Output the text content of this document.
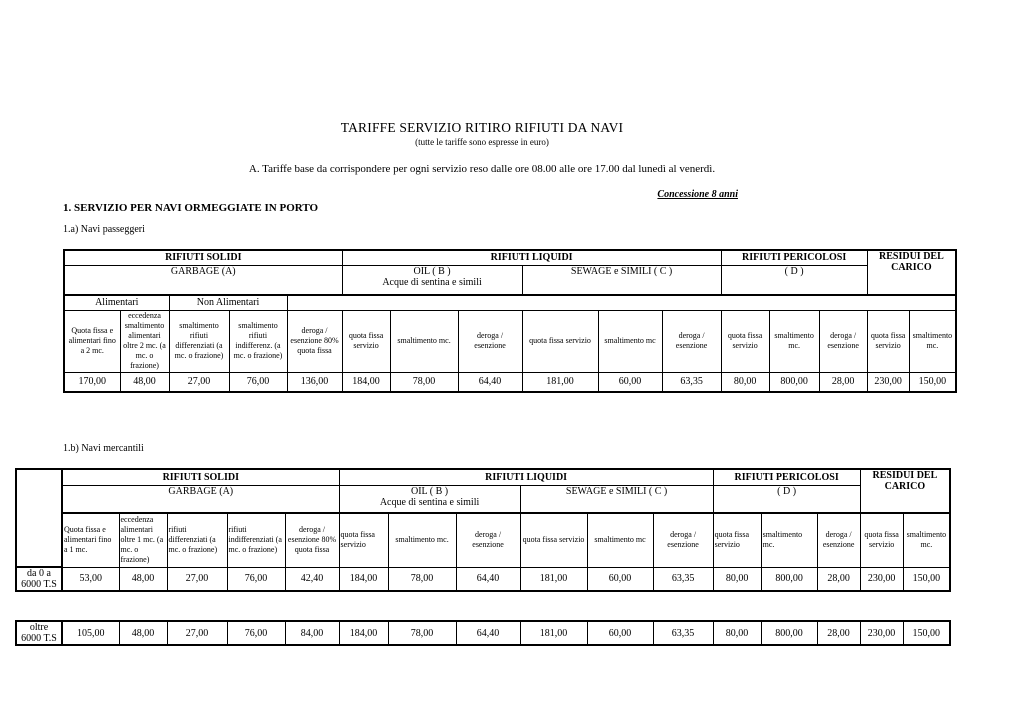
TARIFFE SERVIZIO RITIRO RIFIUTI DA NAVI
(tutte le tariffe sono espresse in euro)
A. Tariffe base da corrispondere per ogni servizio reso dalle ore 08.00 alle ore 17.00 dal lunedì al venerdì.
Concessione 8 anni
1. SERVIZIO PER NAVI ORMEGGIATE IN PORTO
1.a) Navi passeggeri
1.b) Navi mercantili
RIFIUTI SOLIDI					RIFIUTI LIQUIDI						RIFIUTI PERICOLOSI			RESIDUI DEL CARICO	
GARBAGE (A)					OIL ( B )
Acque di sentina e simili			SEWAGE e SIMILI ( C )			( D )				
Alimentari		Non Alimentari													
Quota fissa e alimentari fino a 2 mc.	eccedenza smaltimento alimentari oltre 2 mc. (a mc. o frazione)	smaltimento rifiuti differenziati (a mc. o frazione)	smaltimento rifiuti indifferenz. (a mc. o frazione)	deroga / esenzione 80% quota fissa	quota fissa servizio	smaltimento mc.	deroga / esenzione	quota fissa servizio	smaltimento mc	deroga / esenzione	quota fissa servizio	smaltimento mc.	deroga / esenzione	quota fissa servizio	smaltimento mc.
170,00	48,00	27,00	76,00	136,00	184,00	78,00	64,40	181,00	60,00	63,35	80,00	800,00	28,00	230,00	150,00
	RIFIUTI SOLIDI					RIFIUTI LIQUIDI						RIFIUTI PERICOLOSI			RESIDUI DEL CARICO	
	GARBAGE (A)					OIL ( B )
Acque di sentina e simili			SEWAGE e SIMILI ( C )			( D )				
	Quota fissa e alimentari fino a 1 mc.	eccedenza alimentari oltre 1 mc. (a mc. o frazione)	rifiuti differenziati (a mc. o frazione)	rifiuti indifferenziati (a mc. o frazione)	deroga / esenzione 80% quota fissa	quota fissa servizio	smaltimento mc.	deroga / esenzione	quota fissa servizio	smaltimento mc	deroga / esenzione	quota fissa servizio	smaltimento mc.	deroga / esenzione	quota fissa servizio	smaltimento mc.
da 0 a 6000 T.S	53,00	48,00	27,00	76,00	42,40	184,00	78,00	64,40	181,00	60,00	63,35	80,00	800,00	28,00	230,00	150,00
oltre 6000 T.S	105,00	48,00	27,00	76,00	84,00	184,00	78,00	64,40	181,00	60,00	63,35	80,00	800,00	28,00	230,00	150,00
